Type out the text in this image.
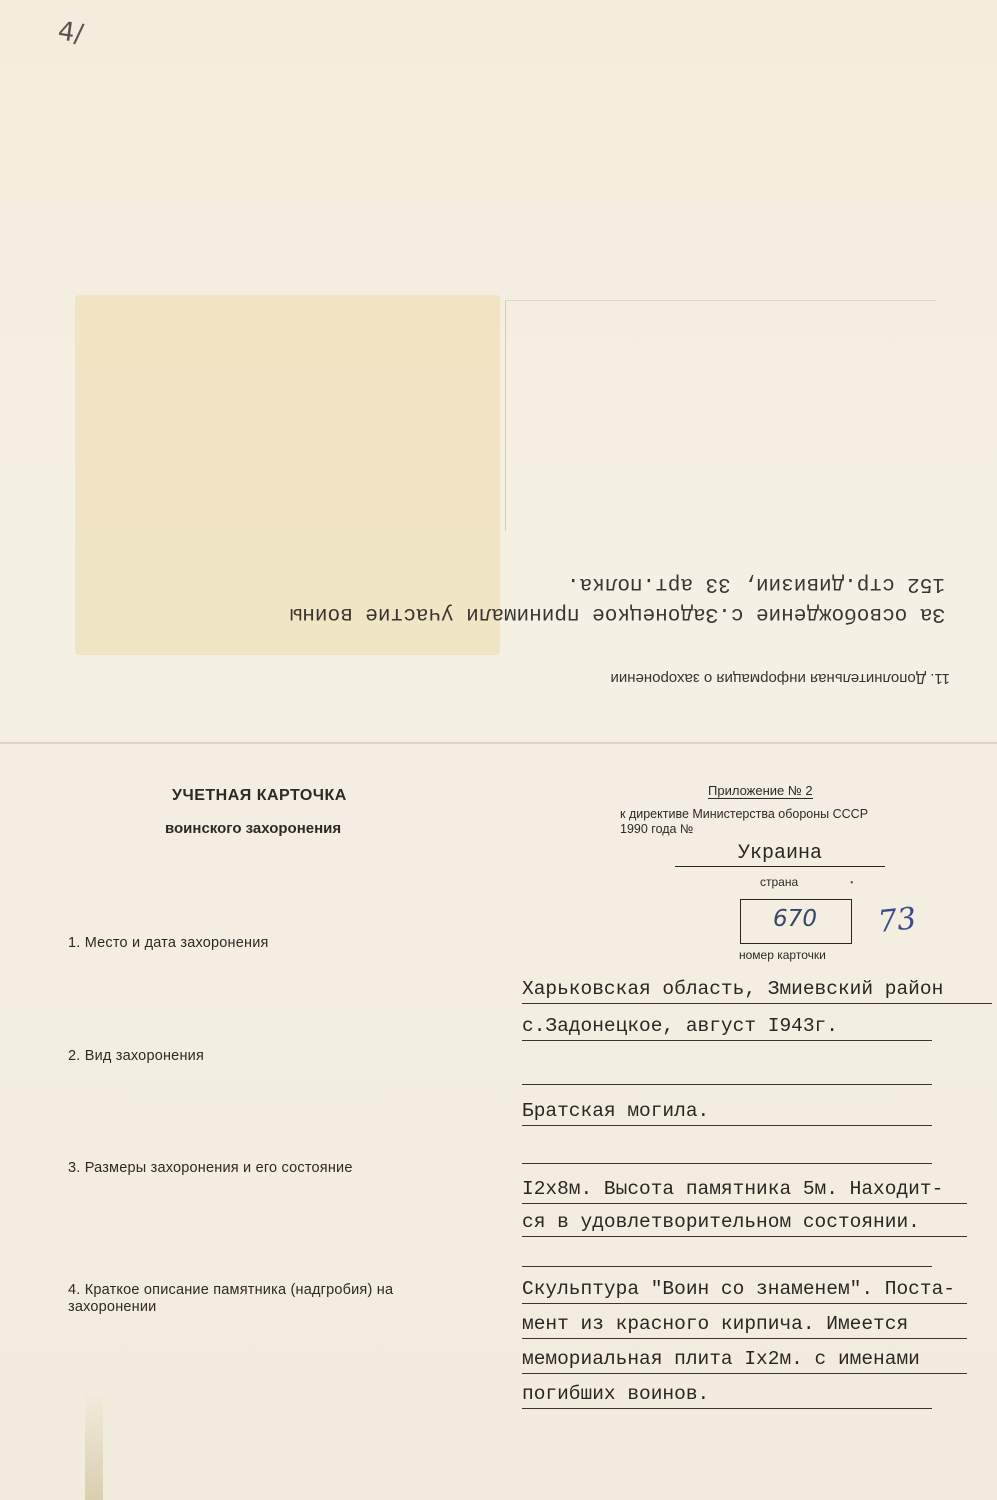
4/
За освобождение с.Задонецкое принимали участие воины
152 стр.дивизии, 33 арт.полка.
11. Дополнительная информация о захоронении
УЧЕТНАЯ КАРТОЧКА
воинского захоронения
Приложение № 2
к директиве Министерства обороны СССР
1990 года №
Украина
страна	•
670
номер карточки
73
1. Место и дата захоронения
Харьковская область, Змиевский район
с.Задонецкое, август I943г.
2. Вид захоронения
Братская могила.
3. Размеры захоронения и его состояние
I2х8м. Высота памятника 5м. Находит-
ся в удовлетворительном состоянии.
4. Краткое описание памятника (надгробия) на захоронении
Скульптура "Воин со знаменем". Поста-
мент из красного кирпича. Имеется
мемориальная плита Iх2м. с именами
погибших воинов.
